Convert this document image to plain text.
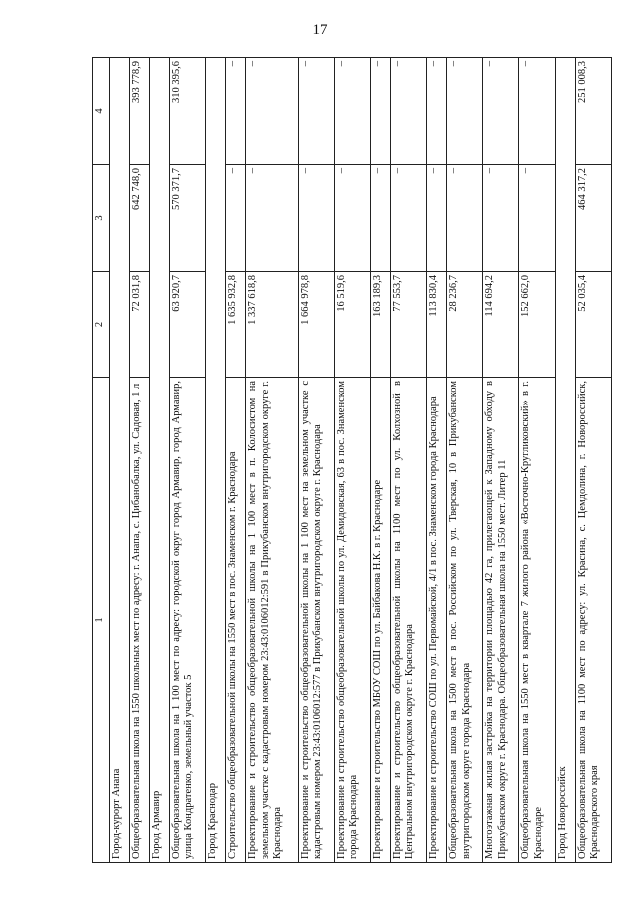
17
1	2	3	4
Город-курорт Анапа			
Общеобразовательная школа на 1550 школьных мест по адресу: г. Анапа, с. Цибанобалка, ул. Садовая, 1 л	72 031,8	642 748,0	393 778,9
Город Армавир			
Общеобразовательная школа на 1 100 мест по адресу: городской округ город Армавир, город Армавир, улица Кондратенко, земельный участок 5	63 920,7	570 371,7	310 395,6
Город Краснодар			
Строительство общеобразовательной школы на 1550 мест в пос. Знаменском г. Краснодара	1 635 932,8	–	–
Проектирование и строительство общеобразовательной школы на 1 100 мест в п. Колосистом на земельном участке с кадастровым номером 23:43:0106012:591 в Прикубанском внутригородском округе г. Краснодара	1 337 618,8	–	–
Проектирование и строительство общеобразовательной школы на 1 100 мест на земельном участке с кадастровым номером 23:43:0106012:577 в Прикубанском внутригородском округе г. Краснодара	1 664 978,8	–	–
Проектирование и строительство общеобразовательной школы по ул. Демидовская, 63 в пос. Знаменском города Краснодара	16 519,6	–	–
Проектирование и строительство МБОУ СОШ по ул. Байбакова Н.К. в г. Краснодаре	163 189,3	–	–
Проектирование и строительство общеобразовательной школы на 1100 мест по ул. Колхозной в Центральном внутригородском округе г. Краснодара	77 553,7	–	–
Проектирование и строительство СОШ по ул. Первомайской, 4/1 в пос. Знаменском города Краснодара	113 830,4	–	–
Общеобразовательная школа на 1500 мест в пос. Российском по ул. Тверская, 10 в Прикубанском внутригородском округе города Краснодара	28 236,7	–	–
Многоэтажная жилая застройка на территории площадью 42 га, прилегающей к Западному обходу в Прикубанском округе г. Краснодара. Общеобразовательная школа на 1550 мест. Литер 11	114 694,2	–	–
Общеобразовательная школа на 1550 мест в квартале 7 жилого района «Восточно-Кругликовский» в г. Краснодаре	152 662,0	–	–
Город Новороссийск			
Общеобразовательная школа на 1100 мест по адресу: ул. Красина, с. Цемдолина, г. Новороссийск, Краснодарского края	52 035,4	464 317,2	251 008,3
